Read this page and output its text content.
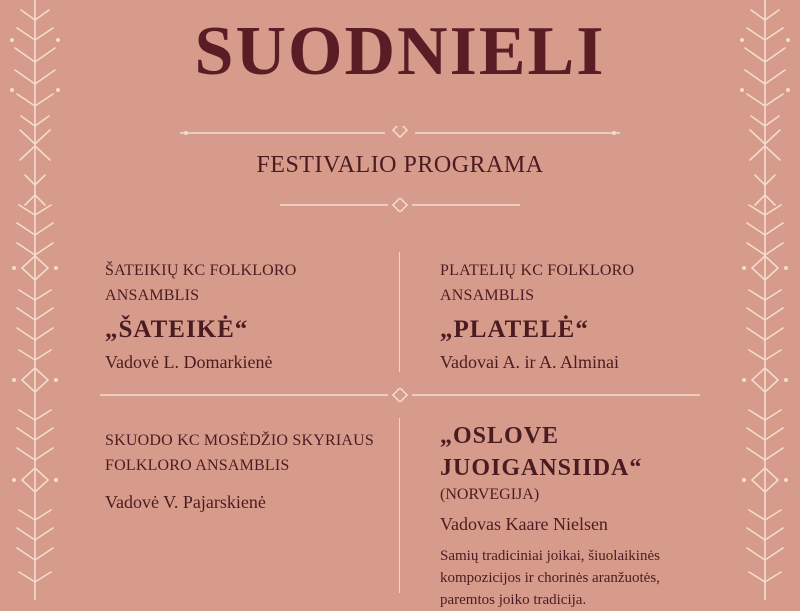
SUODNIELI
FESTIVALIO PROGRAMA
ŠATEIKIŲ KC FOLKLORO ANSAMBLIS
„ŠATEIKĖ“
Vadovė L. Domarkienė
PLATELIŲ KC FOLKLORO ANSAMBLIS
„PLATELĖ“
Vadovai A. ir A. Alminai
SKUODO KC MOSĖDŽIO SKYRIAUS
FOLKLORO ANSAMBLIS
Vadovė V. Pajarskienė
„OSLOVE JUOIGANSIIDA“
(NORVEGIJA)
Vadovas Kaare Nielsen
Samių tradiciniai joikai, šiuolaikinės
kompozicijos ir chorinės aranžuotės,
paremtos joiko tradicija.
